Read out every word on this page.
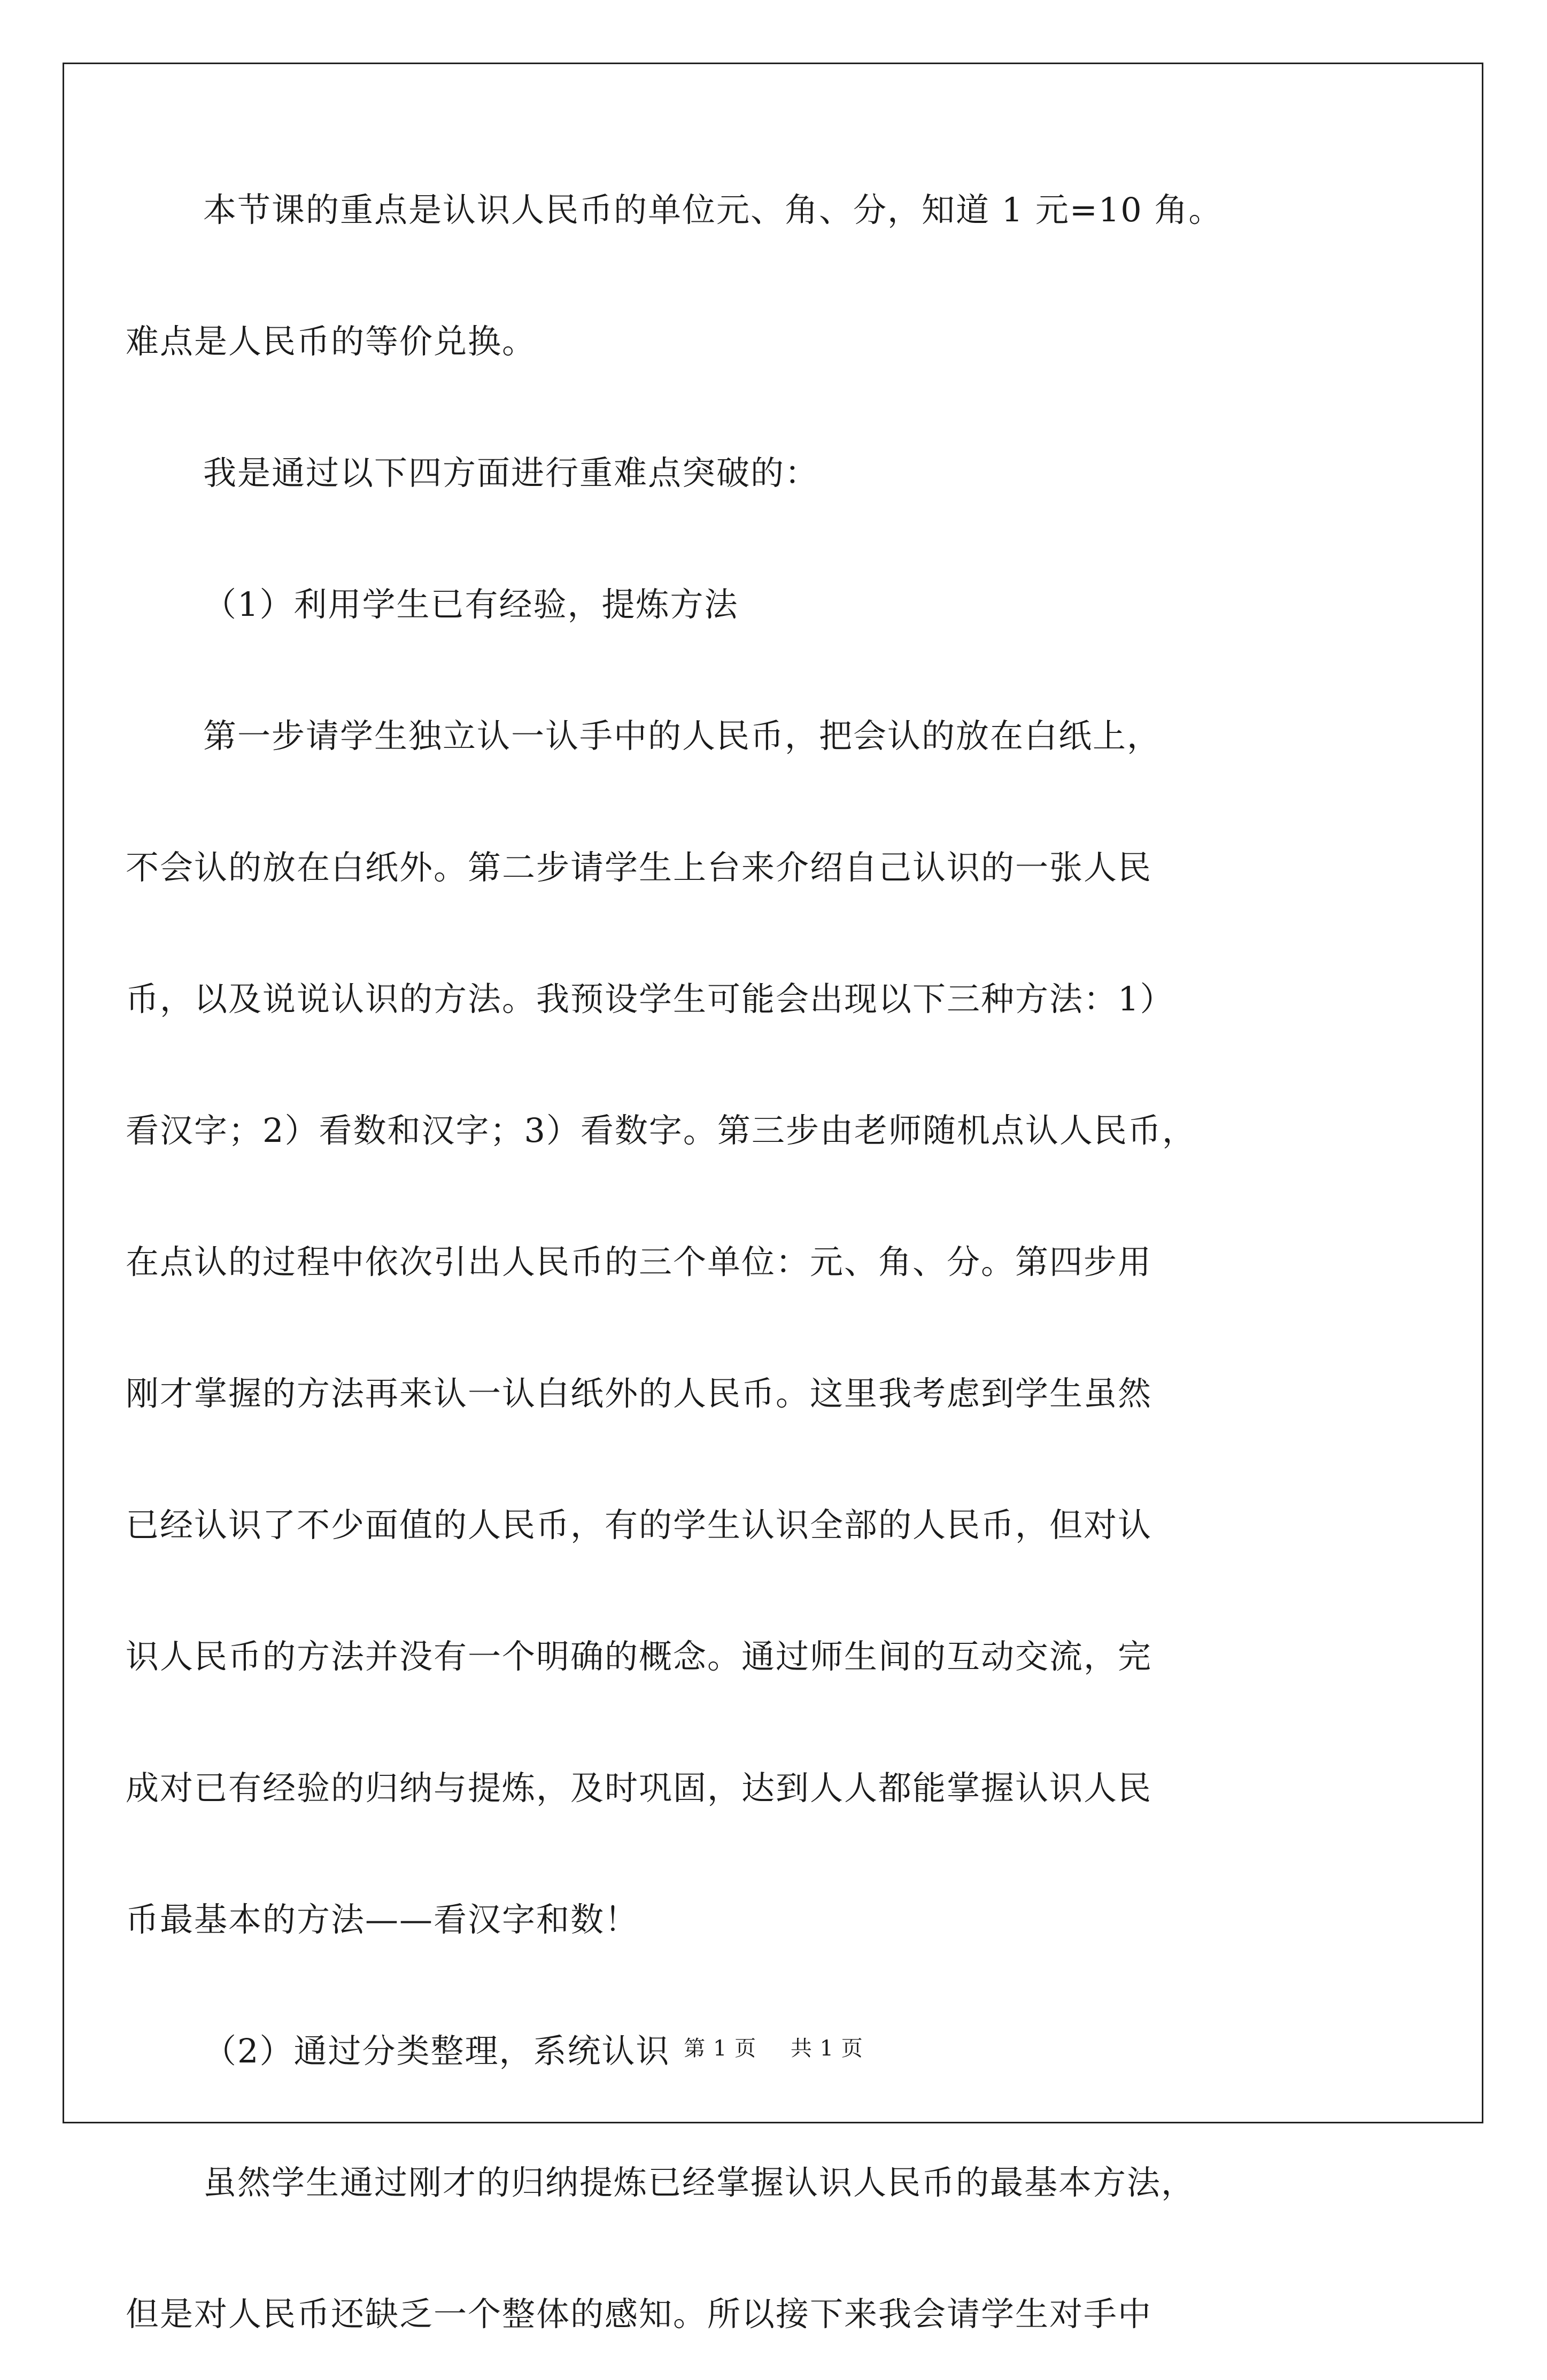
本节课的重点是认识人民币的单位元、角、分，知道 1 元=10 角。
难点是人民币的等价兑换。
我是通过以下四方面进行重难点突破的：
（1）利用学生已有经验，提炼方法
第一步请学生独立认一认手中的人民币，把会认的放在白纸上，
不会认的放在白纸外。第二步请学生上台来介绍自己认识的一张人民
币，以及说说认识的方法。我预设学生可能会出现以下三种方法：1）
看汉字；2）看数和汉字；3）看数字。第三步由老师随机点认人民币，
在点认的过程中依次引出人民币的三个单位：元、角、分。第四步用
刚才掌握的方法再来认一认白纸外的人民币。这里我考虑到学生虽然
已经认识了不少面值的人民币，有的学生认识全部的人民币，但对认
识人民币的方法并没有一个明确的概念。通过师生间的互动交流，完
成对已有经验的归纳与提炼，及时巩固，达到人人都能掌握认识人民
币最基本的方法——看汉字和数！
（2）通过分类整理，系统认识
虽然学生通过刚才的归纳提炼已经掌握认识人民币的最基本方法，
但是对人民币还缺乏一个整体的感知。所以接下来我会请学生对手中
第 1 页 共 1 页
